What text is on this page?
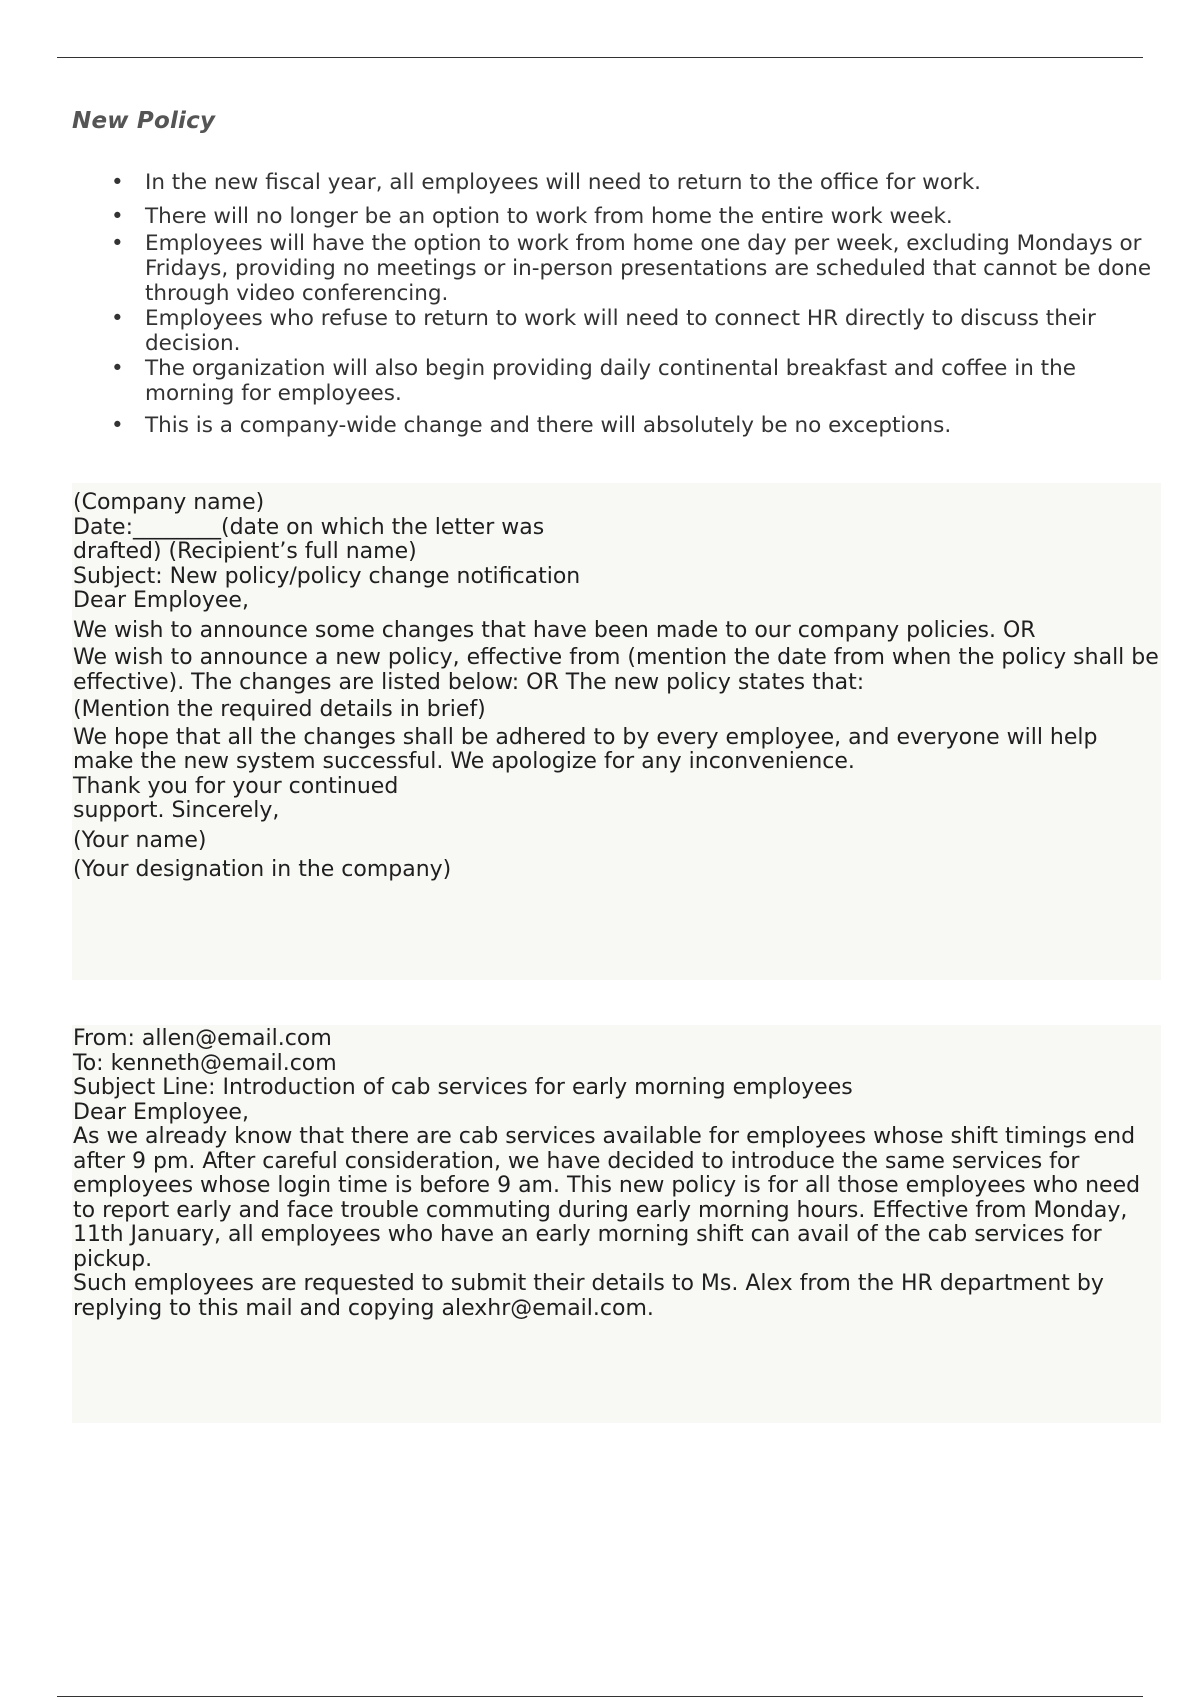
New Policy
• In the new fiscal year, all employees will need to return to the office for work.
• There will no longer be an option to work from home the entire work week.
• Employees will have the option to work from home one day per week, excluding Mondays or Fridays, providing no meetings or in-person presentations are scheduled that cannot be done through video conferencing.
• Employees who refuse to return to work will need to connect HR directly to discuss their decision.
• The organization will also begin providing daily continental breakfast and coffee in the morning for employees.
• This is a company-wide change and there will absolutely be no exceptions.

(Company name)

Date:________(date on which the letter was

drafted) (Recipient’s full name)

Subject: New policy/policy change notification

Dear Employee,

We wish to announce some changes that have been made to our company policies. OR

We wish to announce a new policy, effective from (mention the date from when the policy shall be effective). The changes are listed below: OR The new policy states that:

(Mention the required details in brief)

We hope that all the changes shall be adhered to by every employee, and everyone will help make the new system successful. We apologize for any inconvenience.

Thank you for your continued

support. Sincerely,

(Your name)

(Your designation in the company)

From: allen@email.com

To: kenneth@email.com

Subject Line: Introduction of cab services for early morning employees

Dear Employee,

As we already know that there are cab services available for employees whose shift timings end after 9 pm. After careful consideration, we have decided to introduce the same services for employees whose login time is before 9 am. This new policy is for all those employees who need to report early and face trouble commuting during early morning hours. Effective from Monday, 11th January, all employees who have an early morning shift can avail of the cab services for pickup.

Such employees are requested to submit their details to Ms. Alex from the HR department by replying to this mail and copying alexhr@email.com.
